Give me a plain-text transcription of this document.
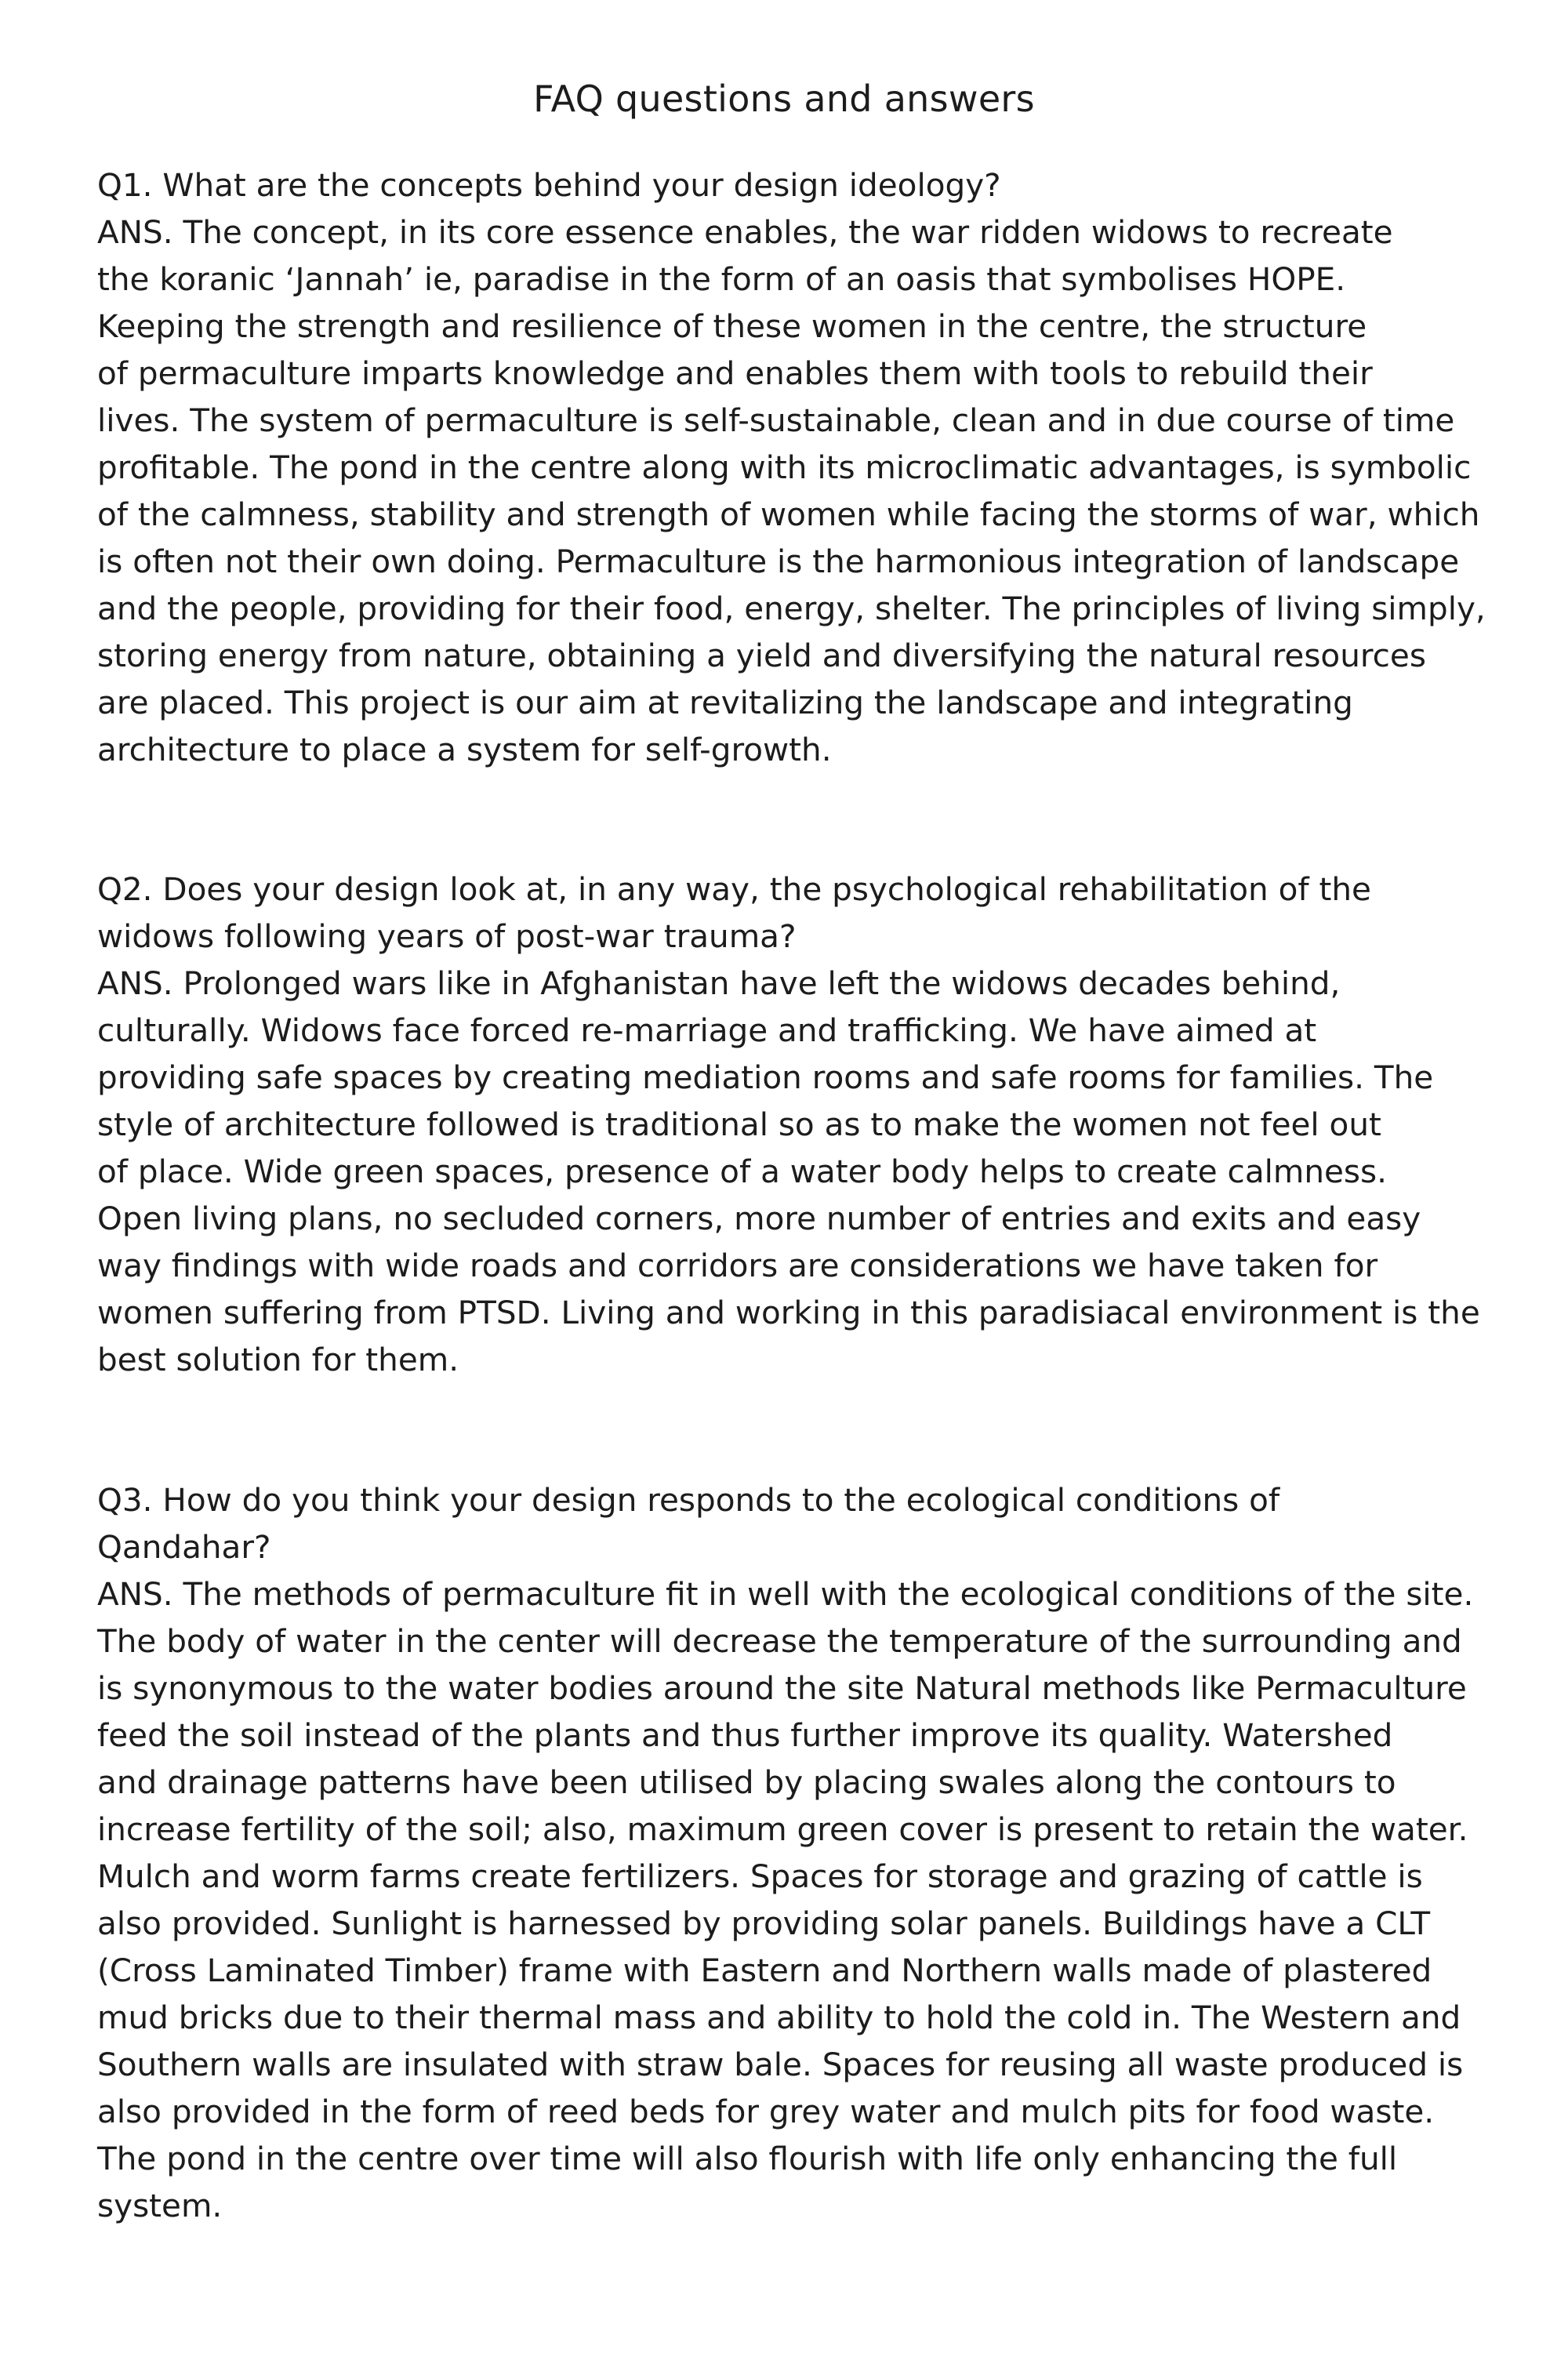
FAQ questions and answers
Q1. What are the concepts behind your design ideology?
ANS. The concept, in its core essence enables, the war ridden widows to recreate
the koranic ‘Jannah’ ie, paradise in the form of an oasis that symbolises HOPE.
Keeping the strength and resilience of these women in the centre, the structure
of permaculture imparts knowledge and enables them with tools to rebuild their
lives. The system of permaculture is self-sustainable, clean and in due course of time
profitable. The pond in the centre along with its microclimatic advantages, is symbolic
of the calmness, stability and strength of women while facing the storms of war, which
is often not their own doing. Permaculture is the harmonious integration of landscape
and the people, providing for their food, energy, shelter. The principles of living simply,
storing energy from nature, obtaining a yield and diversifying the natural resources
are placed. This project is our aim at revitalizing the landscape and integrating
architecture to place a system for self-growth.
Q2. Does your design look at, in any way, the psychological rehabilitation of the
widows following years of post-war trauma?
ANS. Prolonged wars like in Afghanistan have left the widows decades behind,
culturally. Widows face forced re-marriage and trafficking. We have aimed at
providing safe spaces by creating mediation rooms and safe rooms for families. The
style of architecture followed is traditional so as to make the women not feel out
of place. Wide green spaces, presence of a water body helps to create calmness.
Open living plans, no secluded corners, more number of entries and exits and easy
way findings with wide roads and corridors are considerations we have taken for
women suffering from PTSD. Living and working in this paradisiacal environment is the
best solution for them.
Q3. How do you think your design responds to the ecological conditions of
Qandahar?
ANS. The methods of permaculture fit in well with the ecological conditions of the site.
The body of water in the center will decrease the temperature of the surrounding and
is synonymous to the water bodies around the site Natural methods like Permaculture
feed the soil instead of the plants and thus further improve its quality. Watershed
and drainage patterns have been utilised by placing swales along the contours to
increase fertility of the soil; also, maximum green cover is present to retain the water.
Mulch and worm farms create fertilizers. Spaces for storage and grazing of cattle is
also provided. Sunlight is harnessed by providing solar panels. Buildings have a CLT
(Cross Laminated Timber) frame with Eastern and Northern walls made of plastered
mud bricks due to their thermal mass and ability to hold the cold in. The Western and
Southern walls are insulated with straw bale. Spaces for reusing all waste produced is
also provided in the form of reed beds for grey water and mulch pits for food waste.
The pond in the centre over time will also flourish with life only enhancing the full
system.
